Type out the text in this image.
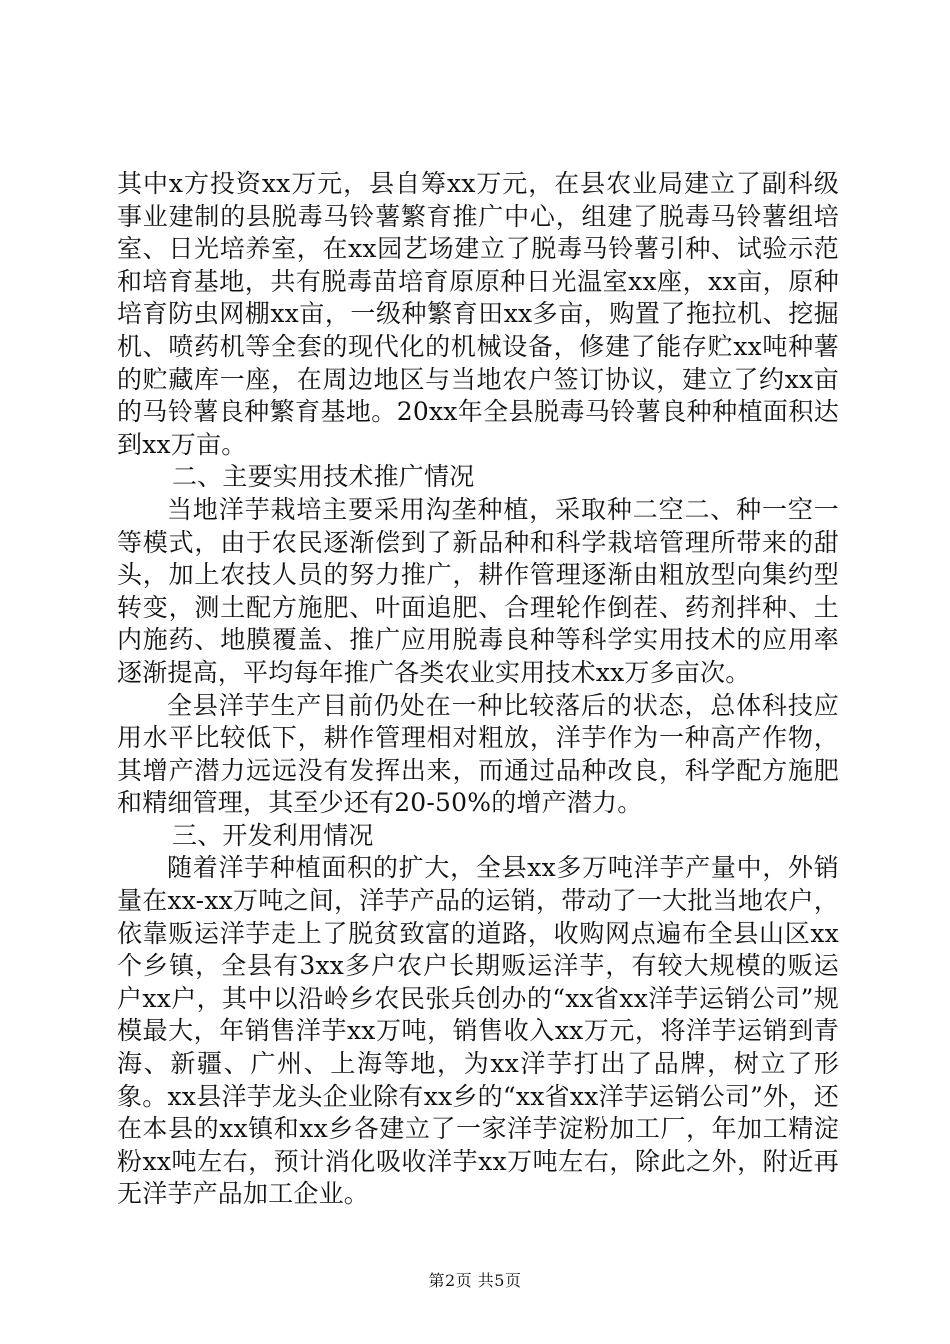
其中x方投资xx万元，县自筹xx万元，在县农业局建立了副科级事业建制的县脱毒马铃薯繁育推广中心，组建了脱毒马铃薯组培室、日光培养室，在xx园艺场建立了脱毒马铃薯引种、试验示范和培育基地，共有脱毒苗培育原原种日光温室xx座，xx亩，原种培育防虫网棚xx亩，一级种繁育田xx多亩，购置了拖拉机、挖掘机、喷药机等全套的现代化的机械设备，修建了能存贮xx吨种薯的贮藏库一座，在周边地区与当地农户签订协议，建立了约xx亩的马铃薯良种繁育基地。20xx年全县脱毒马铃薯良种种植面积达到xx万亩。

二、主要实用技术推广情况

当地洋芋栽培主要采用沟垄种植，采取种二空二、种一空一等模式，由于农民逐渐偿到了新品种和科学栽培管理所带来的甜头，加上农技人员的努力推广，耕作管理逐渐由粗放型向集约型转变，测土配方施肥、叶面追肥、合理轮作倒茬、药剂拌种、土内施药、地膜覆盖、推广应用脱毒良种等科学实用技术的应用率逐渐提高，平均每年推广各类农业实用技术xx万多亩次。

全县洋芋生产目前仍处在一种比较落后的状态，总体科技应用水平比较低下，耕作管理相对粗放，洋芋作为一种高产作物，其增产潜力远远没有发挥出来，而通过品种改良，科学配方施肥和精细管理，其至少还有20-50%的增产潜力。

三、开发利用情况

随着洋芋种植面积的扩大，全县xx多万吨洋芋产量中，外销量在xx-xx万吨之间，洋芋产品的运销，带动了一大批当地农户，依靠贩运洋芋走上了脱贫致富的道路，收购网点遍布全县山区xx个乡镇，全县有3xx多户农户长期贩运洋芋，有较大规模的贩运户xx户，其中以沿岭乡农民张兵创办的“xx省xx洋芋运销公司”规模最大，年销售洋芋xx万吨，销售收入xx万元，将洋芋运销到青海、新疆、广州、上海等地，为xx洋芋打出了品牌，树立了形象。xx县洋芋龙头企业除有xx乡的“xx省xx洋芋运销公司”外，还在本县的xx镇和xx乡各建立了一家洋芋淀粉加工厂，年加工精淀粉xx吨左右，预计消化吸收洋芋xx万吨左右，除此之外，附近再无洋芋产品加工企业。

第2页 共5页
